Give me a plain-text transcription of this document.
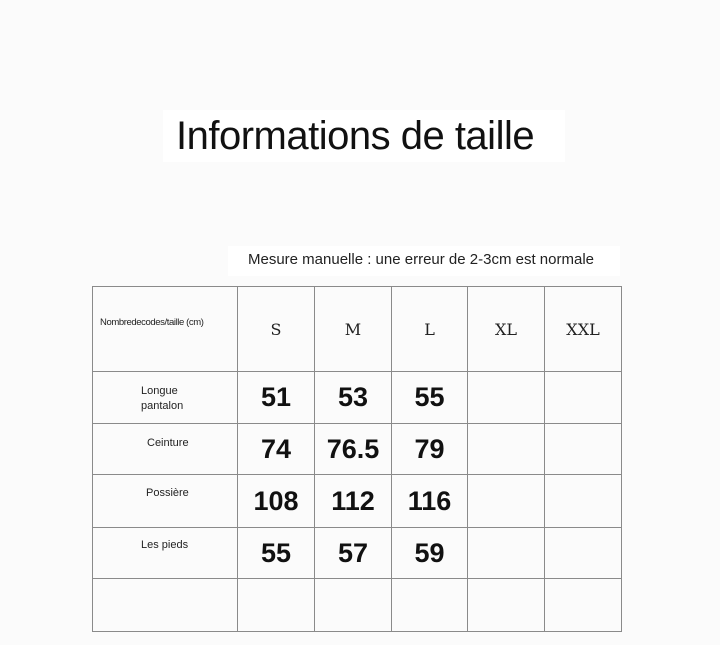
Informations de taille
Mesure manuelle : une erreur de 2-3cm est normale
Nombredecodes/taille (cm)	S	M	L	XL	XXL

Longue pantalon	51	53	55		

Ceinture	74	76.5	79		

Possière	108	112	116		

Les pieds	55	57	59		
